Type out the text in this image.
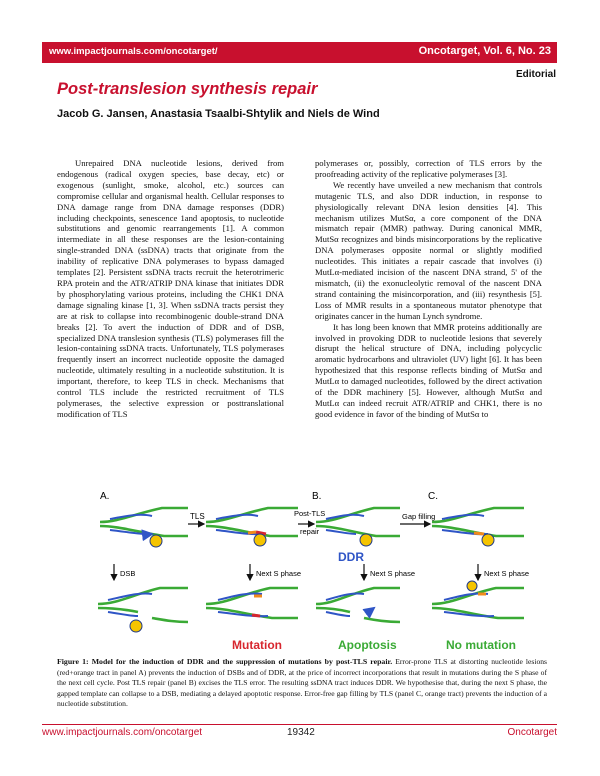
www.impactjournals.com/oncotarget/	Oncotarget, Vol. 6, No. 23
Editorial
Post-translesion synthesis repair
Jacob G. Jansen, Anastasia Tsaalbi-Shtylik and Niels de Wind

Unrepaired DNA nucleotide lesions, derived from endogenous (radical oxygen species, base decay, etc) or exogenous (sunlight, smoke, alcohol, etc.) sources can compromise cellular and organismal health. Cellular responses to DNA damage range from DNA damage responses (DDR) including checkpoints, senescence 1and apoptosis, to nucleotide substitutions and genomic rearrangements [1]. A common intermediate in all these responses are the lesion-containing single-stranded DNA (ssDNA) tracts that originate from the inability of replicative DNA polymerases to bypass damaged templates [2]. Persistent ssDNA tracts recruit the heterotrimeric RPA protein and the ATR/ATRIP DNA kinase that initiates DDR by phosphorylating various proteins, including the CHK1 DNA damage signaling kinase [1, 3]. When ssDNA tracts persist they are at risk to collapse into recombinogenic double-strand DNA breaks [2]. To avert the induction of DDR and of DSB, specialized DNA translesion synthesis (TLS) polymerases fill the lesion-containing ssDNA tracts. Unfortunately, TLS polymerases frequently insert an incorrect nucleotide opposite the damaged nucleotide, ultimately resulting in a nucleotide substitution. It is important, therefore, to keep TLS in check. Mechanisms that control TLS include the restricted recruitment of TLS polymerases, the selective expression or posttranslational modification of TLS

polymerases or, possibly, correction of TLS errors by the proofreading activity of the replicative polymerases [3].

We recently have unveiled a new mechanism that controls mutagenic TLS, and also DDR induction, in response to physiologically relevant DNA lesion densities [4]. This mechanism utilizes MutSα, a core component of the DNA mismatch repair (MMR) pathway. During canonical MMR, MutSα recognizes and binds misincorporations by the replicative DNA polymerases opposite normal or slightly modified nucleotides. This initiates a repair cascade that involves (i) MutLα-mediated incision of the nascent DNA strand, 5' of the mismatch, (ii) the exonucleolytic removal of the nascent DNA strand containing the misincorporation, and (iii) resynthesis [5]. Loss of MMR results in a spontaneous mutator phenotype that originates cancer in the human Lynch syndrome.

It has long been known that MMR proteins additionally are involved in provoking DDR to nucleotide lesions that severely disrupt the helical structure of DNA, including polycyclic aromatic hydrocarbons and ultraviolet (UV) light [6]. It has been hypothesized that this response reflects binding of MutSα and MutLα to damaged nucleotides, followed by the direct activation of the DDR machinery [5]. However, although MutSα and MutLα can indeed recruit ATR/ATRIP and CHK1, there is no good evidence in favor of the binding of MutSα to

A.	B.	C.
TLS	Post-TLS
repair
Gap filling
DDR
DSB	Next S phase	Next S phase	Next S phase
Mutation	Apoptosis	No mutation
Figure 1: Model for the induction of DDR and the suppression of mutations by post-TLS repair. Error-prone TLS at distorting nucleotide lesions (red+orange tract in panel A) prevents the induction of DSBs and of DDR, at the price of incorrect incorporations that result in mutations during the S phase of the next cell cycle. Post TLS repair (panel B) excises the TLS error. The resulting ssDNA tract induces DDR. We hypothesise that, during the next S phase, the gapped template can collapse to a DSB, mediating a delayed apoptotic response. Error-free gap filling by TLS (panel C, orange tract) prevents the induction of a nucleotide substitution.
www.impactjournals.com/oncotarget	19342	Oncotarget
